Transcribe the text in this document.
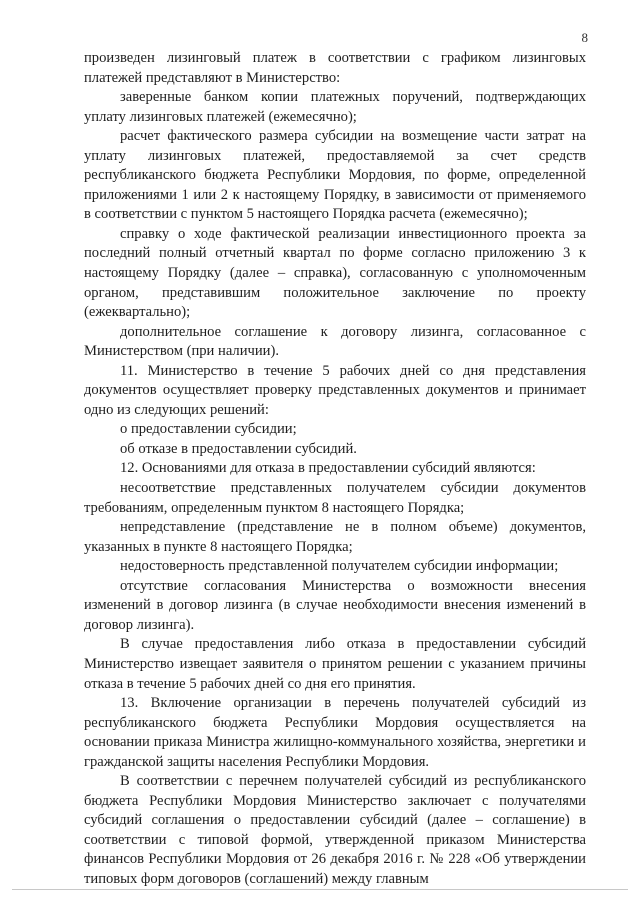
8

произведен лизинговый платеж в соответствии с графиком лизинговых платежей представляют в Министерство:

заверенные банком копии платежных поручений, подтверждающих уплату лизинговых платежей (ежемесячно);

расчет фактического размера субсидии на возмещение части затрат на уплату лизинговых платежей, предоставляемой за счет средств республиканского бюджета Республики Мордовия, по форме, определенной приложениями 1 или 2 к настоящему Порядку, в зависимости от применяемого в соответствии с пунктом 5 настоящего Порядка расчета (ежемесячно);

справку о ходе фактической реализации инвестиционного проекта за последний полный отчетный квартал по форме согласно приложению 3 к настоящему Порядку (далее – справка), согласованную с уполномоченным органом, представившим положительное заключение по проекту (ежеквартально);

дополнительное соглашение к договору лизинга, согласованное с Министерством (при наличии).

11. Министерство в течение 5 рабочих дней со дня представления документов осуществляет проверку представленных документов и принимает одно из следующих решений:

о предоставлении субсидии;

об отказе в предоставлении субсидий.

12. Основаниями для отказа в предоставлении субсидий являются:

несоответствие представленных получателем субсидии документов требованиям, определенным пунктом 8 настоящего Порядка;

непредставление (представление не в полном объеме) документов, указанных в пункте 8 настоящего Порядка;

недостоверность представленной получателем субсидии информации;

отсутствие согласования Министерства о возможности внесения изменений в договор лизинга (в случае необходимости внесения изменений в договор лизинга).

В случае предоставления либо отказа в предоставлении субсидий Министерство извещает заявителя о принятом решении с указанием причины отказа в течение 5 рабочих дней со дня его принятия.

13. Включение организации в перечень получателей субсидий из республиканского бюджета Республики Мордовия осуществляется на основании приказа Министра жилищно-коммунального хозяйства, энергетики и гражданской защиты населения Республики Мордовия.

В соответствии с перечнем получателей субсидий из республиканского бюджета Республики Мордовия Министерство заключает с получателями субсидий соглашения о предоставлении субсидий (далее – соглашение) в соответствии с типовой формой, утвержденной приказом Министерства финансов Республики Мордовия от 26 декабря 2016 г. № 228 «Об утверждении типовых форм договоров (соглашений) между главным
